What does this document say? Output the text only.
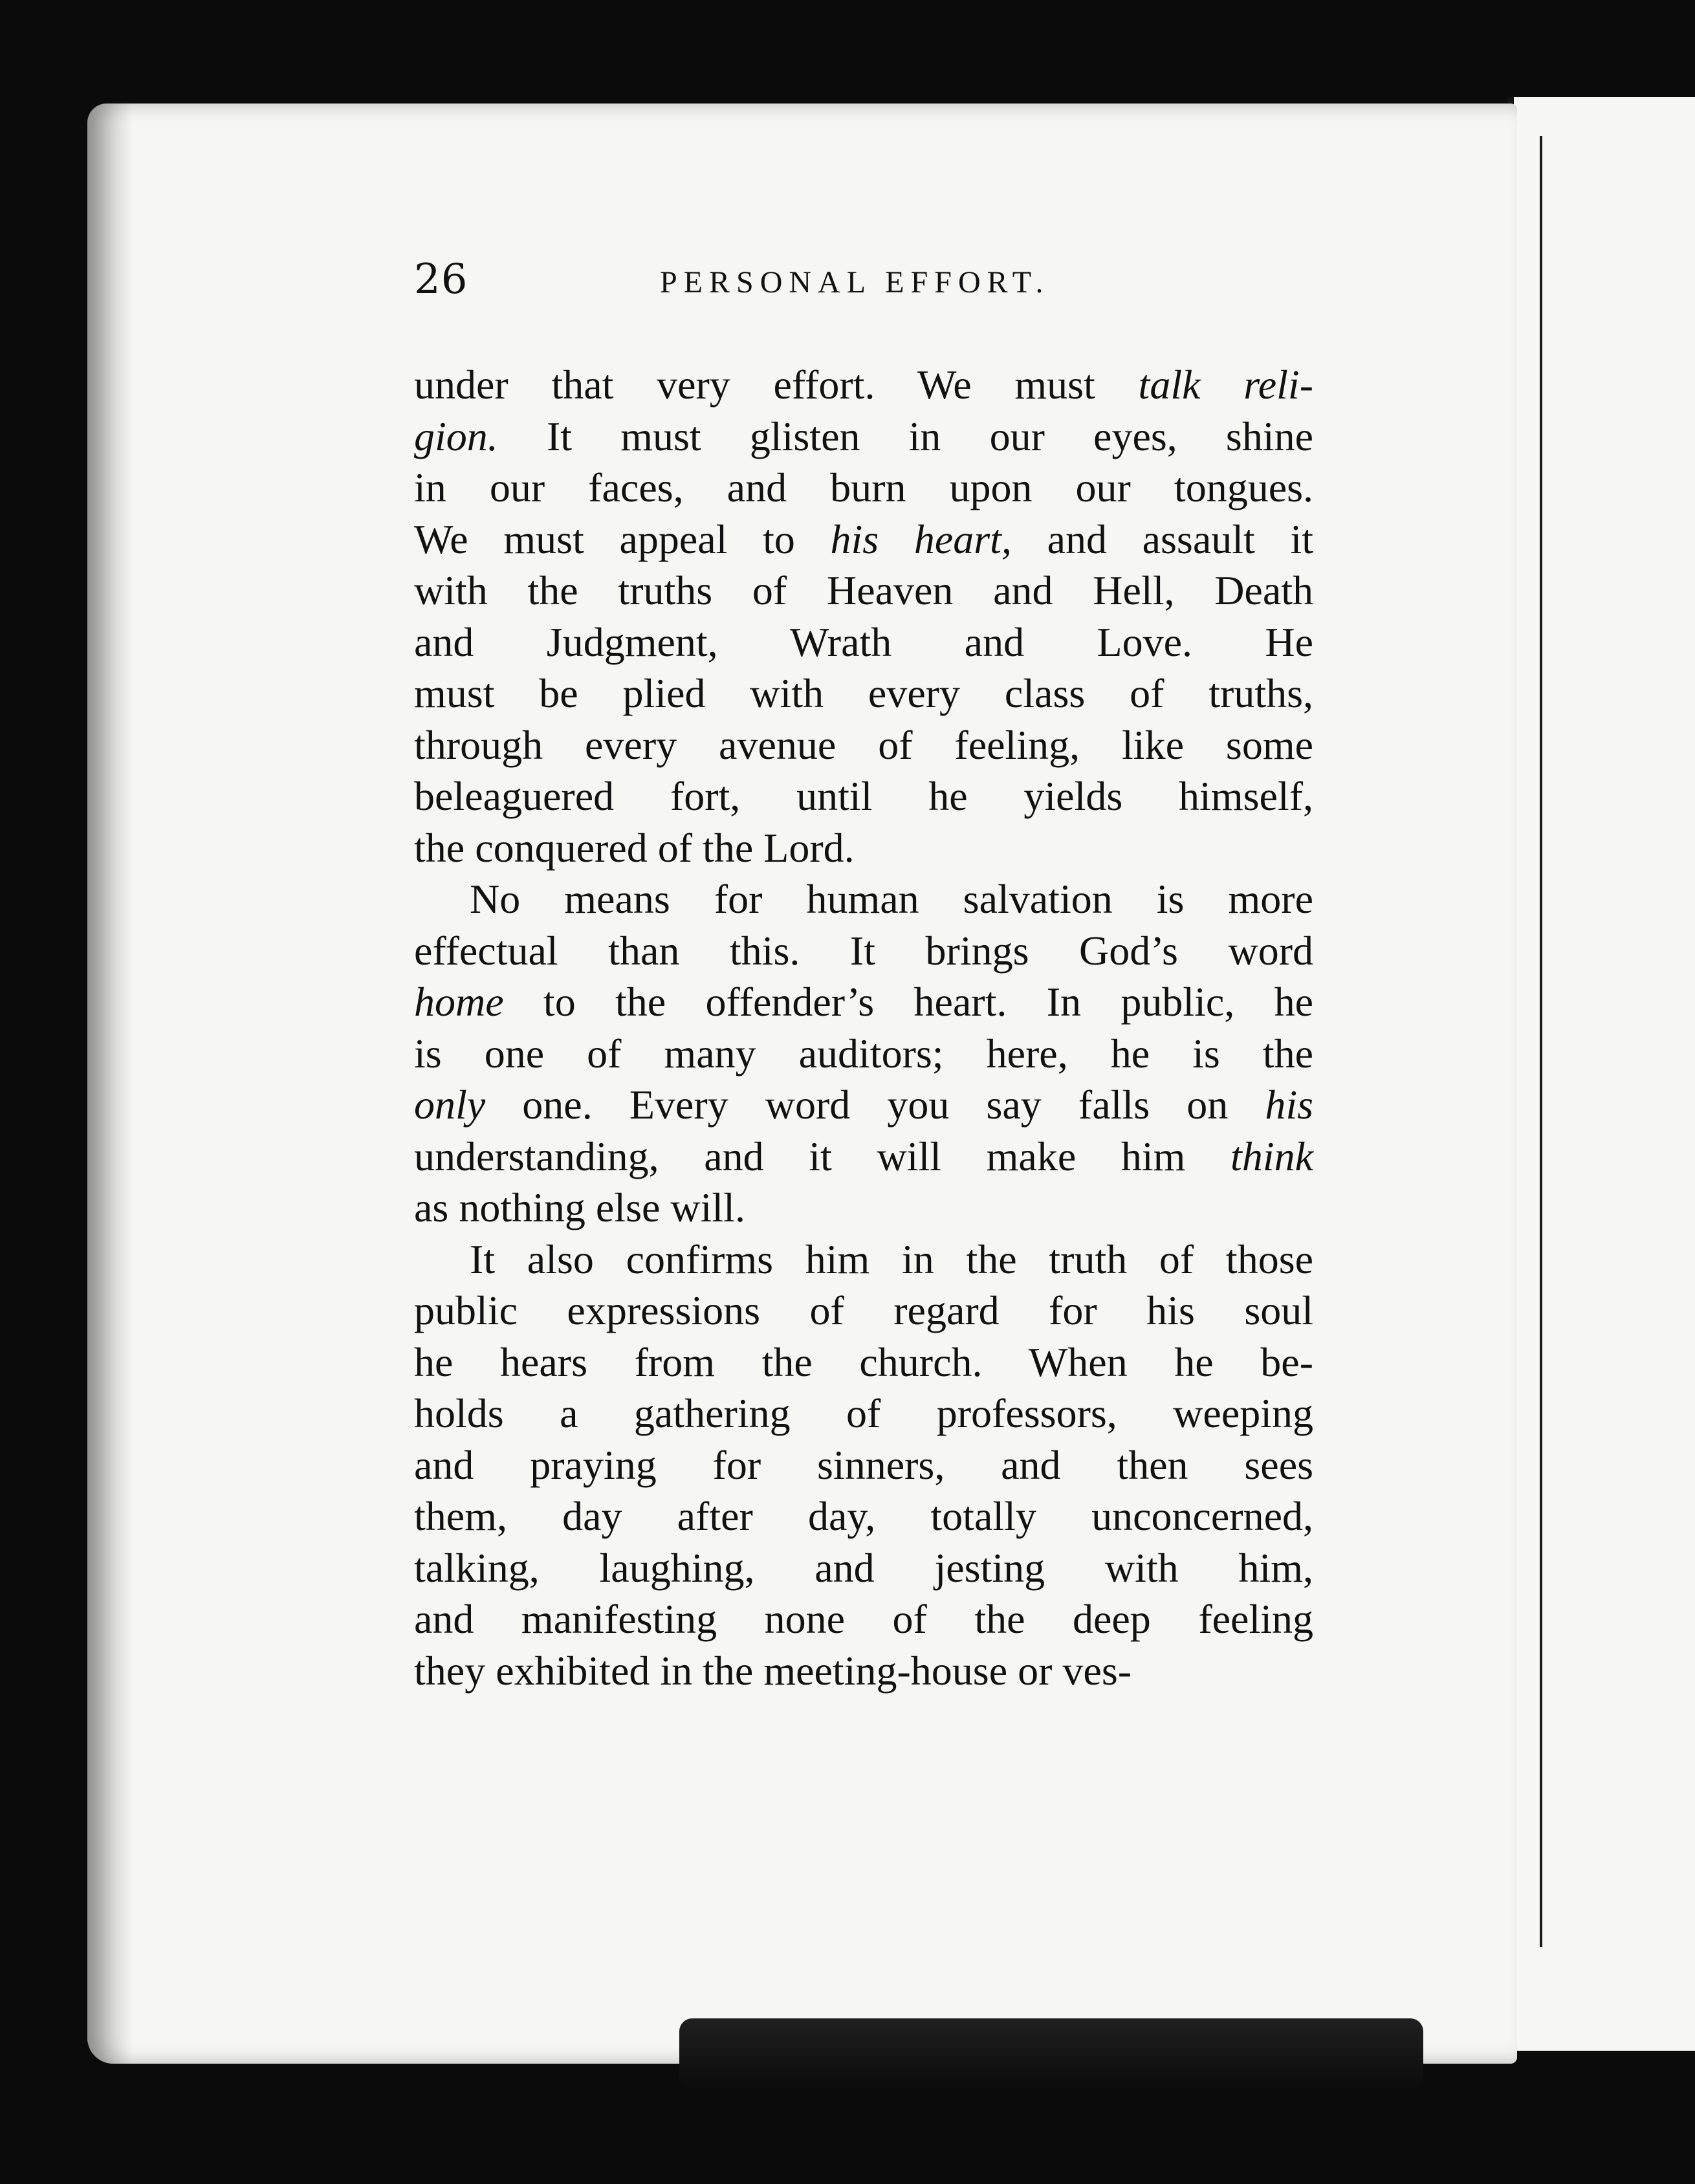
26	PERSONAL EFFORT.
under that very effort. We must talk reli-
gion. It must glisten in our eyes, shine
in our faces, and burn upon our tongues.
We must appeal to his heart, and assault it
with the truths of Heaven and Hell, Death
and Judgment, Wrath and Love. He
must be plied with every class of truths,
through every avenue of feeling, like some
beleaguered fort, until he yields himself,
the conquered of the Lord.
No means for human salvation is more
effectual than this. It brings God’s word
home to the offender’s heart. In public, he
is one of many auditors; here, he is the
only one. Every word you say falls on his
understanding, and it will make him think
as nothing else will.
It also confirms him in the truth of those
public expressions of regard for his soul
he hears from the church. When he be-
holds a gathering of professors, weeping
and praying for sinners, and then sees
them, day after day, totally unconcerned,
talking, laughing, and jesting with him,
and manifesting none of the deep feeling
they exhibited in the meeting-house or ves-
